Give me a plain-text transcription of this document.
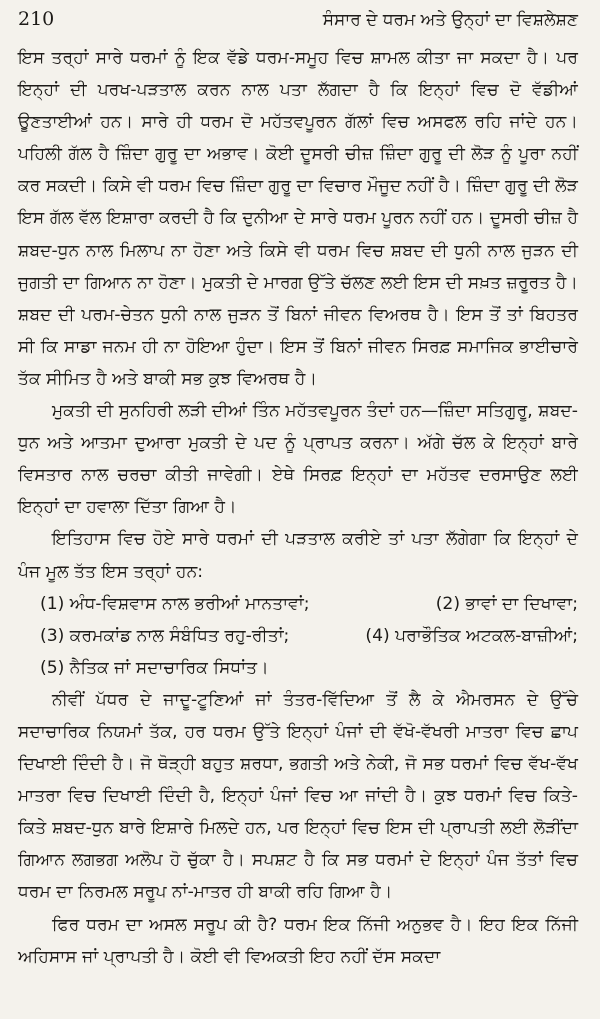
210	ਸੰਸਾਰ ਦੇ ਧਰਮ ਅਤੇ ਉਨ੍ਹਾਂ ਦਾ ਵਿਸ਼ਲੇਸ਼ਣ

ਇਸ ਤਰ੍ਹਾਂ ਸਾਰੇ ਧਰਮਾਂ ਨੂੰ ਇਕ ਵੱਡੇ ਧਰਮ-ਸਮੂਹ ਵਿਚ ਸ਼ਾਮਲ ਕੀਤਾ ਜਾ ਸਕਦਾ ਹੈ। ਪਰ ਇਨ੍ਹਾਂ ਦੀ ਪਰਖ-ਪੜਤਾਲ ਕਰਨ ਨਾਲ ਪਤਾ ਲੱਗਦਾ ਹੈ ਕਿ ਇਨ੍ਹਾਂ ਵਿਚ ਦੋ ਵੱਡੀਆਂ ਊਣਤਾਈਆਂ ਹਨ। ਸਾਰੇ ਹੀ ਧਰਮ ਦੋ ਮਹੱਤਵਪੂਰਨ ਗੱਲਾਂ ਵਿਚ ਅਸਫਲ ਰਹਿ ਜਾਂਦੇ ਹਨ। ਪਹਿਲੀ ਗੱਲ ਹੈ ਜ਼ਿੰਦਾ ਗੁਰੂ ਦਾ ਅਭਾਵ। ਕੋਈ ਦੂਸਰੀ ਚੀਜ਼ ਜ਼ਿੰਦਾ ਗੁਰੂ ਦੀ ਲੋੜ ਨੂੰ ਪੂਰਾ ਨਹੀਂ ਕਰ ਸਕਦੀ। ਕਿਸੇ ਵੀ ਧਰਮ ਵਿਚ ਜ਼ਿੰਦਾ ਗੁਰੂ ਦਾ ਵਿਚਾਰ ਮੌਜੂਦ ਨਹੀਂ ਹੈ। ਜ਼ਿੰਦਾ ਗੁਰੂ ਦੀ ਲੋੜ ਇਸ ਗੱਲ ਵੱਲ ਇਸ਼ਾਰਾ ਕਰਦੀ ਹੈ ਕਿ ਦੁਨੀਆ ਦੇ ਸਾਰੇ ਧਰਮ ਪੂਰਨ ਨਹੀਂ ਹਨ। ਦੂਸਰੀ ਚੀਜ਼ ਹੈ ਸ਼ਬਦ-ਧੁਨ ਨਾਲ ਮਿਲਾਪ ਨਾ ਹੋਣਾ ਅਤੇ ਕਿਸੇ ਵੀ ਧਰਮ ਵਿਚ ਸ਼ਬਦ ਦੀ ਧੁਨੀ ਨਾਲ ਜੁੜਨ ਦੀ ਜੁਗਤੀ ਦਾ ਗਿਆਨ ਨਾ ਹੋਣਾ। ਮੁਕਤੀ ਦੇ ਮਾਰਗ ਉੱਤੇ ਚੱਲਣ ਲਈ ਇਸ ਦੀ ਸਖ਼ਤ ਜ਼ਰੂਰਤ ਹੈ। ਸ਼ਬਦ ਦੀ ਪਰਮ-ਚੇਤਨ ਧੁਨੀ ਨਾਲ ਜੁੜਨ ਤੋਂ ਬਿਨਾਂ ਜੀਵਨ ਵਿਅਰਥ ਹੈ। ਇਸ ਤੋਂ ਤਾਂ ਬਿਹਤਰ ਸੀ ਕਿ ਸਾਡਾ ਜਨਮ ਹੀ ਨਾ ਹੋਇਆ ਹੁੰਦਾ। ਇਸ ਤੋਂ ਬਿਨਾਂ ਜੀਵਨ ਸਿਰਫ਼ ਸਮਾਜਿਕ ਭਾਈਚਾਰੇ ਤੱਕ ਸੀਮਿਤ ਹੈ ਅਤੇ ਬਾਕੀ ਸਭ ਕੁਝ ਵਿਅਰਥ ਹੈ।

ਮੁਕਤੀ ਦੀ ਸੁਨਹਿਰੀ ਲੜੀ ਦੀਆਂ ਤਿੰਨ ਮਹੱਤਵਪੂਰਨ ਤੰਦਾਂ ਹਨ—ਜ਼ਿੰਦਾ ਸਤਿਗੁਰੂ, ਸ਼ਬਦ-ਧੁਨ ਅਤੇ ਆਤਮਾ ਦੁਆਰਾ ਮੁਕਤੀ ਦੇ ਪਦ ਨੂੰ ਪ੍ਰਾਪਤ ਕਰਨਾ। ਅੱਗੇ ਚੱਲ ਕੇ ਇਨ੍ਹਾਂ ਬਾਰੇ ਵਿਸਤਾਰ ਨਾਲ ਚਰਚਾ ਕੀਤੀ ਜਾਵੇਗੀ। ਏਥੇ ਸਿਰਫ਼ ਇਨ੍ਹਾਂ ਦਾ ਮਹੱਤਵ ਦਰਸਾਉਣ ਲਈ ਇਨ੍ਹਾਂ ਦਾ ਹਵਾਲਾ ਦਿੱਤਾ ਗਿਆ ਹੈ।

ਇਤਿਹਾਸ ਵਿਚ ਹੋਏ ਸਾਰੇ ਧਰਮਾਂ ਦੀ ਪੜਤਾਲ ਕਰੀਏ ਤਾਂ ਪਤਾ ਲੱਗੇਗਾ ਕਿ ਇਨ੍ਹਾਂ ਦੇ ਪੰਜ ਮੂਲ ਤੱਤ ਇਸ ਤਰ੍ਹਾਂ ਹਨ:

(1) ਅੰਧ-ਵਿਸ਼ਵਾਸ ਨਾਲ ਭਰੀਆਂ ਮਾਨਤਾਵਾਂ;	(2) ਭਾਵਾਂ ਦਾ ਦਿਖਾਵਾ;
(3) ਕਰਮਕਾਂਡ ਨਾਲ ਸੰਬੰਧਿਤ ਰਹੁ-ਰੀਤਾਂ;	(4) ਪਰਾਭੌਤਿਕ ਅਟਕਲ-ਬਾਜ਼ੀਆਂ;
(5) ਨੈਤਿਕ ਜਾਂ ਸਦਾਚਾਰਿਕ ਸਿਧਾਂਤ।

ਨੀਵੀਂ ਪੱਧਰ ਦੇ ਜਾਦੂ-ਟੂਣਿਆਂ ਜਾਂ ਤੰਤਰ-ਵਿੱਦਿਆ ਤੋਂ ਲੈ ਕੇ ਐਮਰਸਨ ਦੇ ਉੱਚੇ ਸਦਾਚਾਰਿਕ ਨਿਯਮਾਂ ਤੱਕ, ਹਰ ਧਰਮ ਉੱਤੇ ਇਨ੍ਹਾਂ ਪੰਜਾਂ ਦੀ ਵੱਖੋ-ਵੱਖਰੀ ਮਾਤਰਾ ਵਿਚ ਛਾਪ ਦਿਖਾਈ ਦਿੰਦੀ ਹੈ। ਜੋ ਥੋੜ੍ਹੀ ਬਹੁਤ ਸ਼ਰਧਾ, ਭਗਤੀ ਅਤੇ ਨੇਕੀ, ਜੋ ਸਭ ਧਰਮਾਂ ਵਿਚ ਵੱਖ-ਵੱਖ ਮਾਤਰਾ ਵਿਚ ਦਿਖਾਈ ਦਿੰਦੀ ਹੈ, ਇਨ੍ਹਾਂ ਪੰਜਾਂ ਵਿਚ ਆ ਜਾਂਦੀ ਹੈ। ਕੁਝ ਧਰਮਾਂ ਵਿਚ ਕਿਤੇ-ਕਿਤੇ ਸ਼ਬਦ-ਧੁਨ ਬਾਰੇ ਇਸ਼ਾਰੇ ਮਿਲਦੇ ਹਨ, ਪਰ ਇਨ੍ਹਾਂ ਵਿਚ ਇਸ ਦੀ ਪ੍ਰਾਪਤੀ ਲਈ ਲੋੜੀਂਦਾ ਗਿਆਨ ਲਗਭਗ ਅਲੋਪ ਹੋ ਚੁੱਕਾ ਹੈ। ਸਪਸ਼ਟ ਹੈ ਕਿ ਸਭ ਧਰਮਾਂ ਦੇ ਇਨ੍ਹਾਂ ਪੰਜ ਤੱਤਾਂ ਵਿਚ ਧਰਮ ਦਾ ਨਿਰਮਲ ਸਰੂਪ ਨਾਂ-ਮਾਤਰ ਹੀ ਬਾਕੀ ਰਹਿ ਗਿਆ ਹੈ।

ਫਿਰ ਧਰਮ ਦਾ ਅਸਲ ਸਰੂਪ ਕੀ ਹੈ? ਧਰਮ ਇਕ ਨਿੱਜੀ ਅਨੁਭਵ ਹੈ। ਇਹ ਇਕ ਨਿੱਜੀ ਅਹਿਸਾਸ ਜਾਂ ਪ੍ਰਾਪਤੀ ਹੈ। ਕੋਈ ਵੀ ਵਿਅਕਤੀ ਇਹ ਨਹੀਂ ਦੱਸ ਸਕਦਾ
